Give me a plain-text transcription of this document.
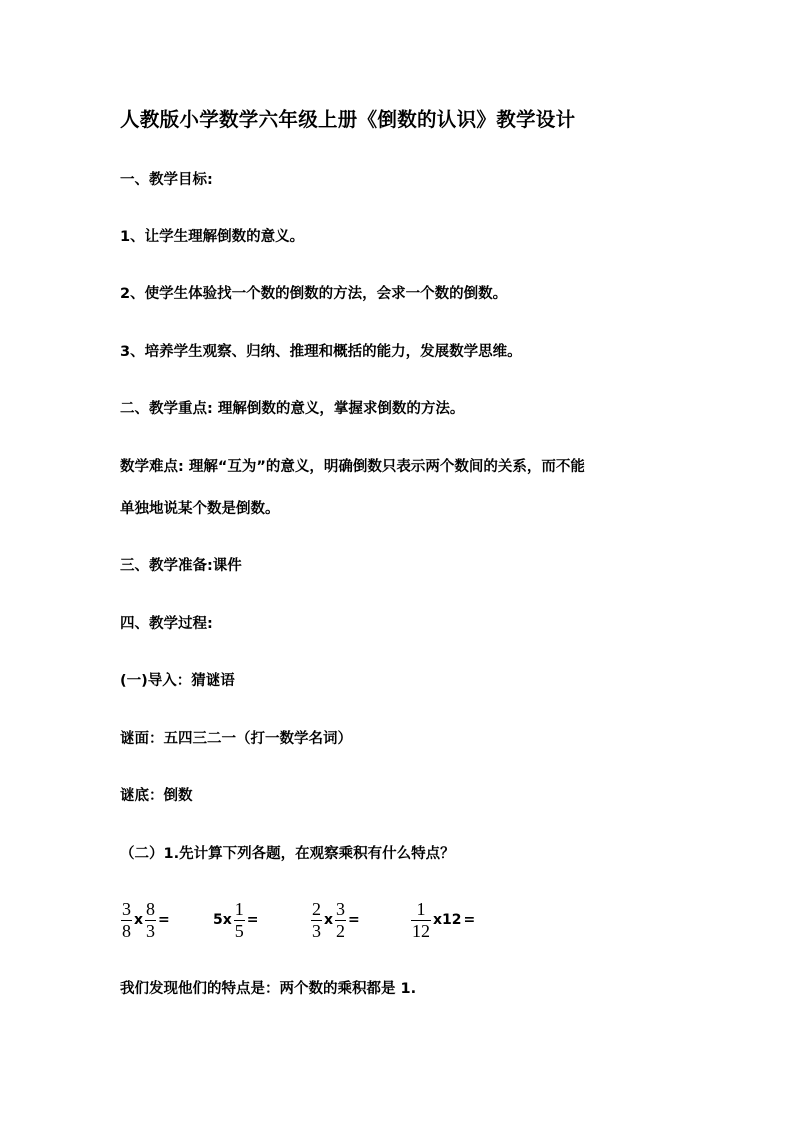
人教版小学数学六年级上册《倒数的认识》教学设计
一、教学目标:
1、让学生理解倒数的意义。
2、使学生体验找一个数的倒数的方法，会求一个数的倒数。
3、培养学生观察、归纳、推理和概括的能力，发展数学思维。
二、教学重点: 理解倒数的意义，掌握求倒数的方法。
数学难点: 理解“互为”的意义，明确倒数只表示两个数间的关系，而不能
单独地说某个数是倒数。
三、教学准备:课件
四、教学过程:
(一)导入：猜谜语
谜面：五四三二一（打一数学名词）
谜底：倒数
（二）1.先计算下列各题，在观察乘积有什么特点？
$\frac{3}{8}$ x $\frac{8}{3}$ =	$5x \frac{1}{5}$ =	$\frac{2}{3}$ x $\frac{3}{2}$ =	$\frac{1}{12} x12$ =
我们发现他们的特点是：两个数的乘积都是 1.
